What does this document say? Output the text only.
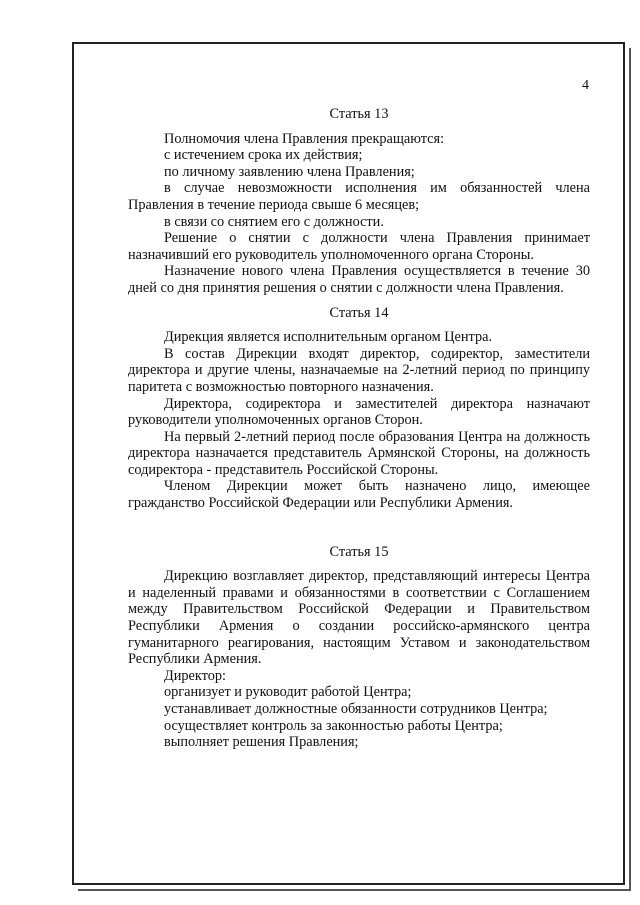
4
Статья 13

Полномочия члена Правления прекращаются:

с истечением срока их действия;

по личному заявлению члена Правления;

в случае невозможности исполнения им обязанностей члена Правления в течение периода свыше 6 месяцев;

в связи со снятием его с должности.

Решение о снятии с должности члена Правления принимает назначивший его руководитель уполномоченного органа Стороны.

Назначение нового члена Правления осуществляется в течение 30 дней со дня принятия решения о снятии с должности члена Правления.

Статья 14

Дирекция является исполнительным органом Центра.

В состав Дирекции входят директор, содиректор, заместители директора и другие члены, назначаемые на 2-летний период по принципу паритета с возможностью повторного назначения.

Директора, содиректора и заместителей директора назначают руководители уполномоченных органов Сторон.

На первый 2-летний период после образования Центра на должность директора назначается представитель Армянской Стороны, на должность содиректора - представитель Российской Стороны.

Членом Дирекции может быть назначено лицо, имеющее гражданство Российской Федерации или Республики Армения.

Статья 15

Дирекцию возглавляет директор, представляющий интересы Центра и наделенный правами и обязанностями в соответствии с Соглашением между Правительством Российской Федерации и Правительством Республики Армения о создании российско-армянского центра гуманитарного реагирования, настоящим Уставом и законодательством Республики Армения.

Директор:

организует и руководит работой Центра;

устанавливает должностные обязанности сотрудников Центра;

осуществляет контроль за законностью работы Центра;

выполняет решения Правления;
